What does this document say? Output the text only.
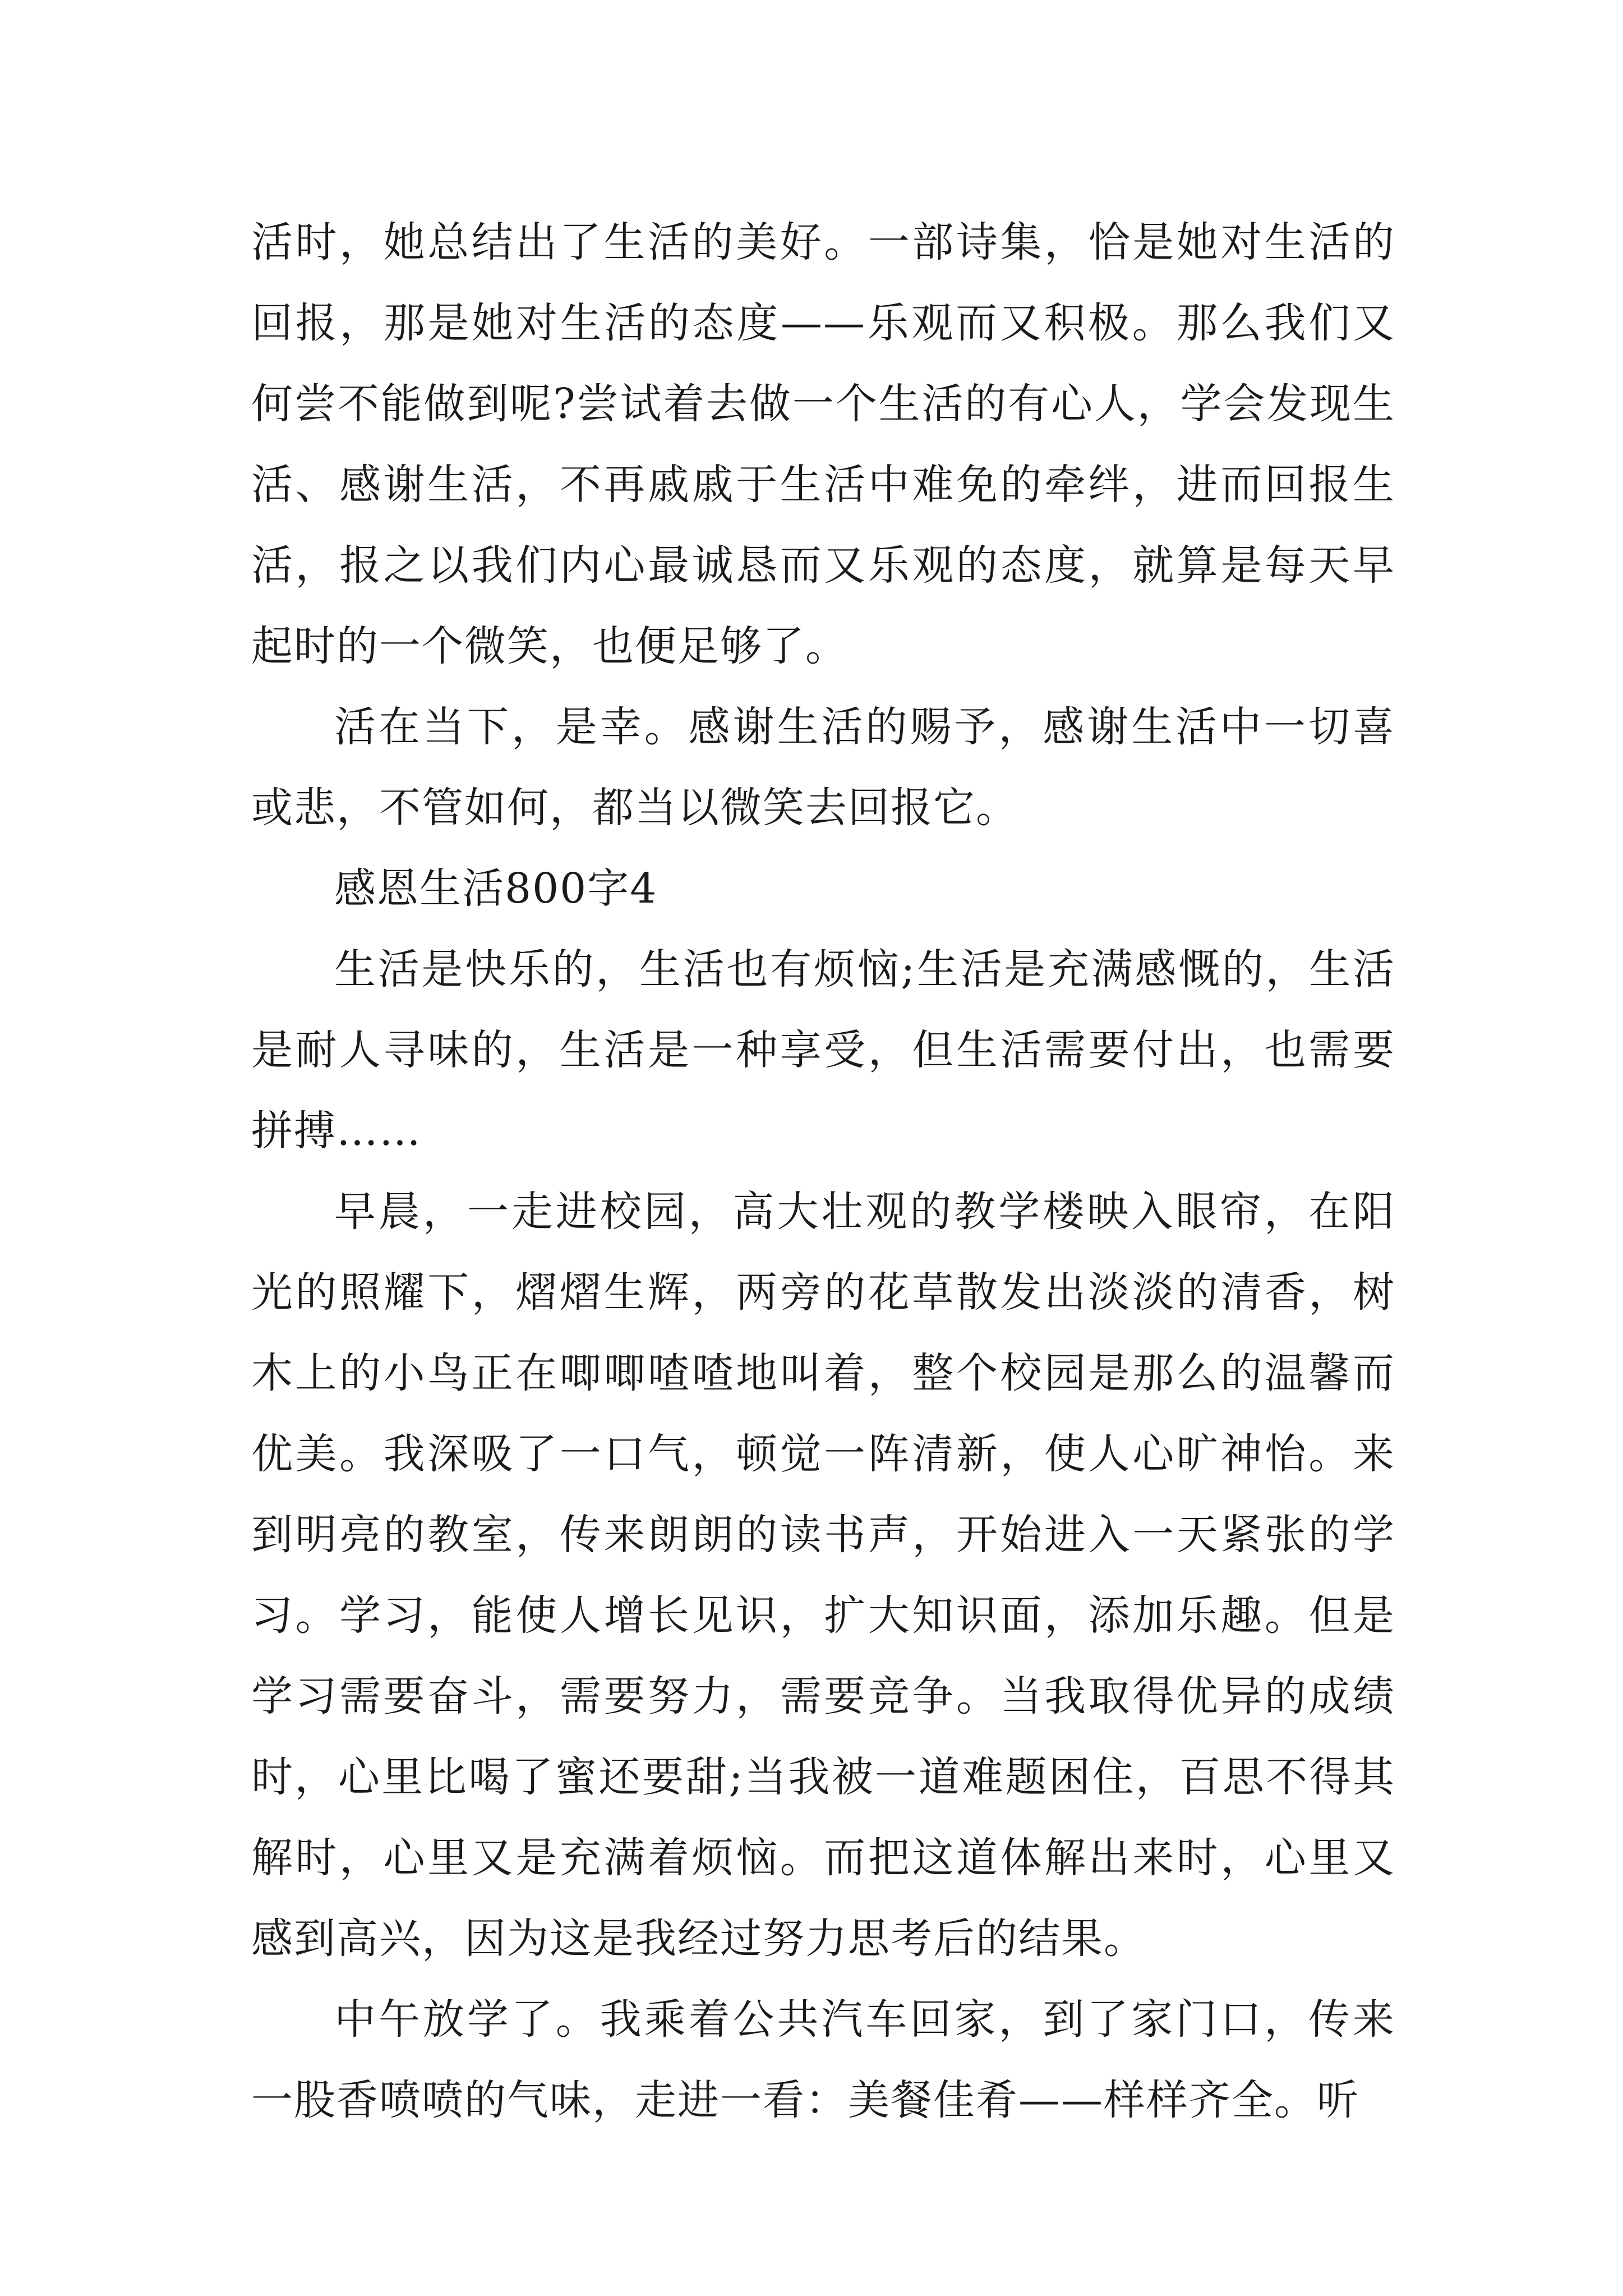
活时，她总结出了生活的美好。一部诗集，恰是她对生活的回报，那是她对生活的态度——乐观而又积极。那么我们又何尝不能做到呢?尝试着去做一个生活的有心人，学会发现生活、感谢生活，不再戚戚于生活中难免的牵绊，进而回报生活，报之以我们内心最诚恳而又乐观的态度，就算是每天早起时的一个微笑，也便足够了。

活在当下，是幸。感谢生活的赐予，感谢生活中一切喜或悲，不管如何，都当以微笑去回报它。

感恩生活800字4

生活是快乐的，生活也有烦恼;生活是充满感慨的，生活是耐人寻味的，生活是一种享受，但生活需要付出，也需要拼搏……

早晨，一走进校园，高大壮观的教学楼映入眼帘，在阳光的照耀下，熠熠生辉，两旁的花草散发出淡淡的清香，树木上的小鸟正在唧唧喳喳地叫着，整个校园是那么的温馨而优美。我深吸了一口气，顿觉一阵清新，使人心旷神怡。来到明亮的教室，传来朗朗的读书声，开始进入一天紧张的学习。学习，能使人增长见识，扩大知识面，添加乐趣。但是学习需要奋斗，需要努力，需要竞争。当我取得优异的成绩时，心里比喝了蜜还要甜;当我被一道难题困住，百思不得其解时，心里又是充满着烦恼。而把这道体解出来时，心里又感到高兴，因为这是我经过努力思考后的结果。

中午放学了。我乘着公共汽车回家，到了家门口，传来一股香喷喷的气味，走进一看：美餐佳肴——样样齐全。听
